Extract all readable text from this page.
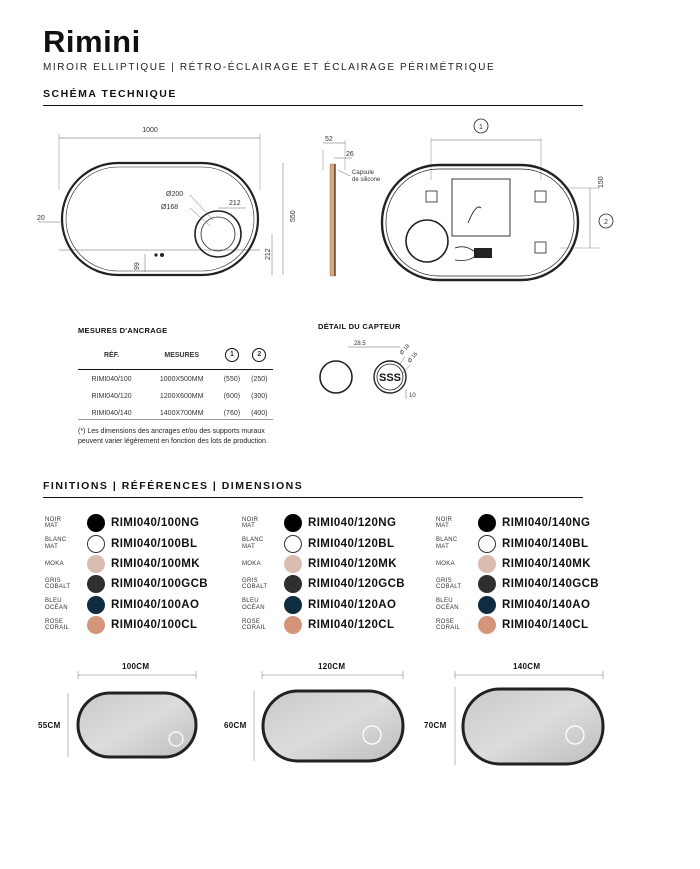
Rimini
MIROIR ELLIPTIQUE | RÉTRO-ÉCLAIRAGE ET ÉCLAIRAGE PÉRIMÉTRIQUE
SCHÉMA TECHNIQUE
1000
20
Ø200
Ø168
212
99
550
212
52
26
Capsule
de silicone
1
2
150
MESURES D'ANCRAGE
RÉF.	MESURES	1	2
RIMI040/100	1000X500MM	(550)	(250)
RIMI040/120	1200X600MM	(600)	(300)
RIMI040/140	1400X700MM	(760)	(400)
(*) Les dimensions des ancrages et/ou des supports muraux peuvent varier légèrement en fonction des lots de production.
DÉTAIL DU CAPTEUR
SSS
28.5	Ø 18
Ø 16
10
FINITIONS | RÉFÉRENCES | DIMENSIONS
NOIR
MAT	RIMI040/100NG
BLANC
MAT	RIMI040/100BL
MOKA	RIMI040/100MK
GRIS
COBALT	RIMI040/100GCB
BLEU
OCÉAN	RIMI040/100AO
ROSE
CORAIL	RIMI040/100CL
NOIR
MAT	RIMI040/120NG
BLANC
MAT	RIMI040/120BL
MOKA	RIMI040/120MK
GRIS
COBALT	RIMI040/120GCB
BLEU
OCÉAN	RIMI040/120AO
ROSE
CORAIL	RIMI040/120CL
NOIR
MAT	RIMI040/140NG
BLANC
MAT	RIMI040/140BL
MOKA	RIMI040/140MK
GRIS
COBALT	RIMI040/140GCB
BLEU
OCÉAN	RIMI040/140AO
ROSE
CORAIL	RIMI040/140CL
100CM
55CM
120CM
60CM
140CM
70CM
